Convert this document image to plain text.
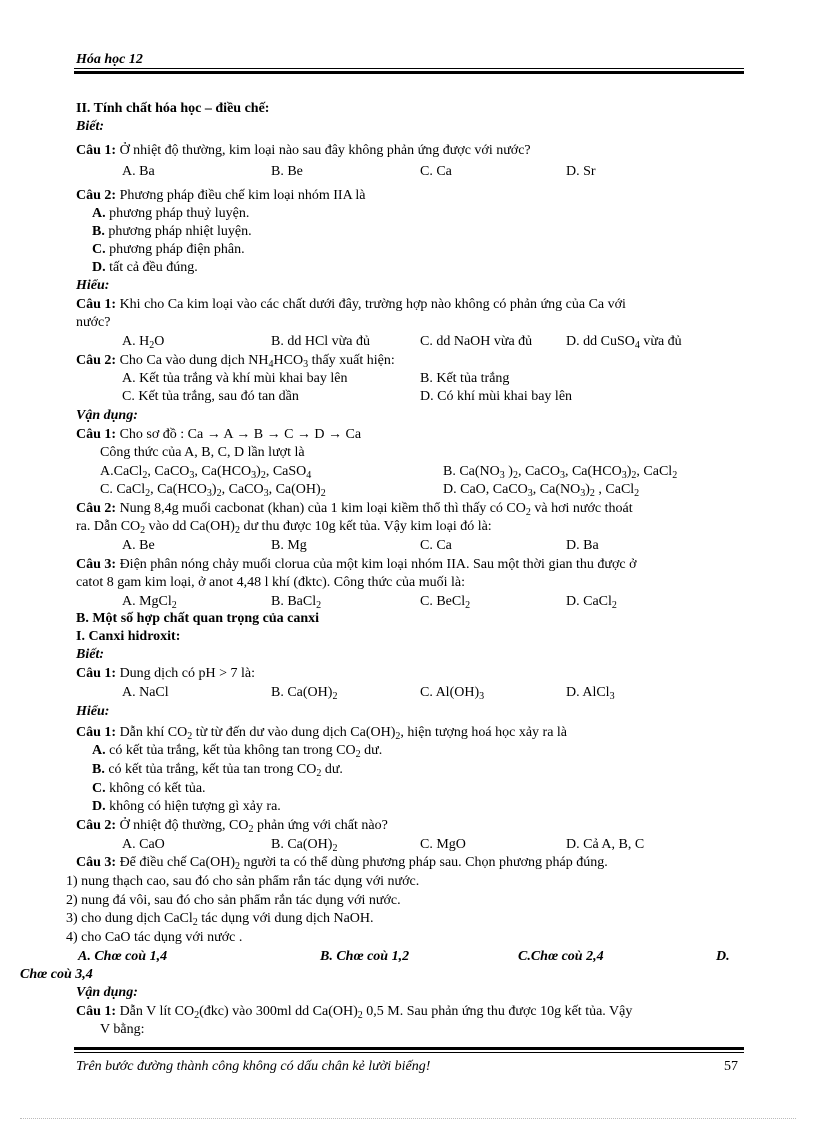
Hóa học 12
II. Tính chất hóa học – điều chế:
Biết:
Câu 1: Ở nhiệt độ thường, kim loại nào sau đây không phản ứng được với nước?
Câu 2: Phương pháp điều chế kim loại nhóm IIA là
A. phương pháp thuỷ luyện.
B. phương pháp nhiệt luyện.
C. phương pháp điện phân.
D. tất cả đều đúng.
Hiểu:
Câu 1: Khi cho Ca kim loại vào các chất dưới đây, trường hợp nào không có phản ứng của Ca với
nước?
Câu 2: Cho Ca vào dung dịch $NH_4HCO_3$ thấy xuất hiện:
Vận dụng:
Câu 1: Cho sơ đồ : Ca → A → B → C → D → Ca
Công thức của A, B, C, D lần lượt là
Câu 2: Nung 8,4g muối cacbonat (khan) của 1 kim loại kiềm thổ thì thấy có $CO_2$ và hơi nước thoát
ra. Dẫn $CO_2$ vào dd $Ca(OH)_2$ dư thu được 10g kết tủa. Vậy kim loại đó là:
Câu 3: Điện phân nóng chảy muối clorua của một kim loại nhóm IIA. Sau một thời gian thu được ở
catot 8 gam kim loại, ở anot 4,48 l khí (đktc). Công thức của muối là:
B. Một số hợp chất quan trọng của canxi
I. Canxi hidroxit:
Biết:
Câu 1: Dung dịch có pH > 7 là:
Hiểu:
Câu 1: Dẫn khí $CO_2$ từ từ đến dư vào dung dịch $Ca(OH)_2$, hiện tượng hoá học xảy ra là
A. có kết tủa trắng, kết tủa không tan trong $CO_2$ dư.
B. có kết tủa trắng, kết tủa tan trong $CO_2$ dư.
C. không có kết tủa.
D. không có hiện tượng gì xảy ra.
Câu 2: Ở nhiệt độ thường, $CO_2$ phản ứng với chất nào?
Câu 3: Để điều chế $Ca(OH)_2$ người ta có thể dùng phương pháp sau. Chọn phương pháp đúng.
1) nung thạch cao, sau đó cho sản phẩm rắn tác dụng với nước.
2) nung đá vôi, sau đó cho sản phẩm rắn tác dụng với nước.
3) cho dung dịch CaCl$_2$ tác dụng với dung dịch NaOH.
4) cho CaO tác dụng với nước .
Chœ coù 3,4
Vận dụng:
Câu 1: Dẫn V lít $CO_2(đkc)$ vào 300ml dd $Ca(OH)_2$ 0,5 M. Sau phản ứng thu được 10g kết tủa. Vậy
V bằng:
A. Ba	B. Be	C. Ca	D. Sr
A. $H_2O$	B. dd HCl vừa đủ	C. dd NaOH vừa đủ D. dd CuSO$_4$ vừa đủ
A. Kết tủa trắng và khí mùi khai bay lên	B. Kết tủa trắng
C. Kết tủa trắng, sau đó tan dần	D. Có khí mùi khai bay lên
A.CaCl$_2$, CaCO$_3$, $Ca(HCO_3)_2$, CaSO$_4$	B. $Ca(NO_3$ )$_2$, CaCO$_3$, $Ca(HCO_3)_2$, CaCl$_2$
C. CaCl$_2$, $Ca(HCO_3)_2$, CaCO$_3$, $Ca(OH)_2$	D. CaO, CaCO$_3$, $Ca(NO_3)_2$ , CaCl$_2$
A. Be	B. Mg	C. Ca	D. Ba
A. MgCl$_2$	B. BaCl$_2$	C. BeCl$_2$	D. CaCl$_2$
A. NaCl	B. $Ca(OH)_2$	C. $Al(OH)_3$	D. AlCl$_3$
A. CaO	B. $Ca(OH)_2$	C. MgO	D. Cả A, B, C
A. Chœ coù 1,4	B. Chœ coù 1,2	C.Chœ coù 2,4	D.
Trên bước đường thành công không có dấu chân kẻ lười biếng!	57
